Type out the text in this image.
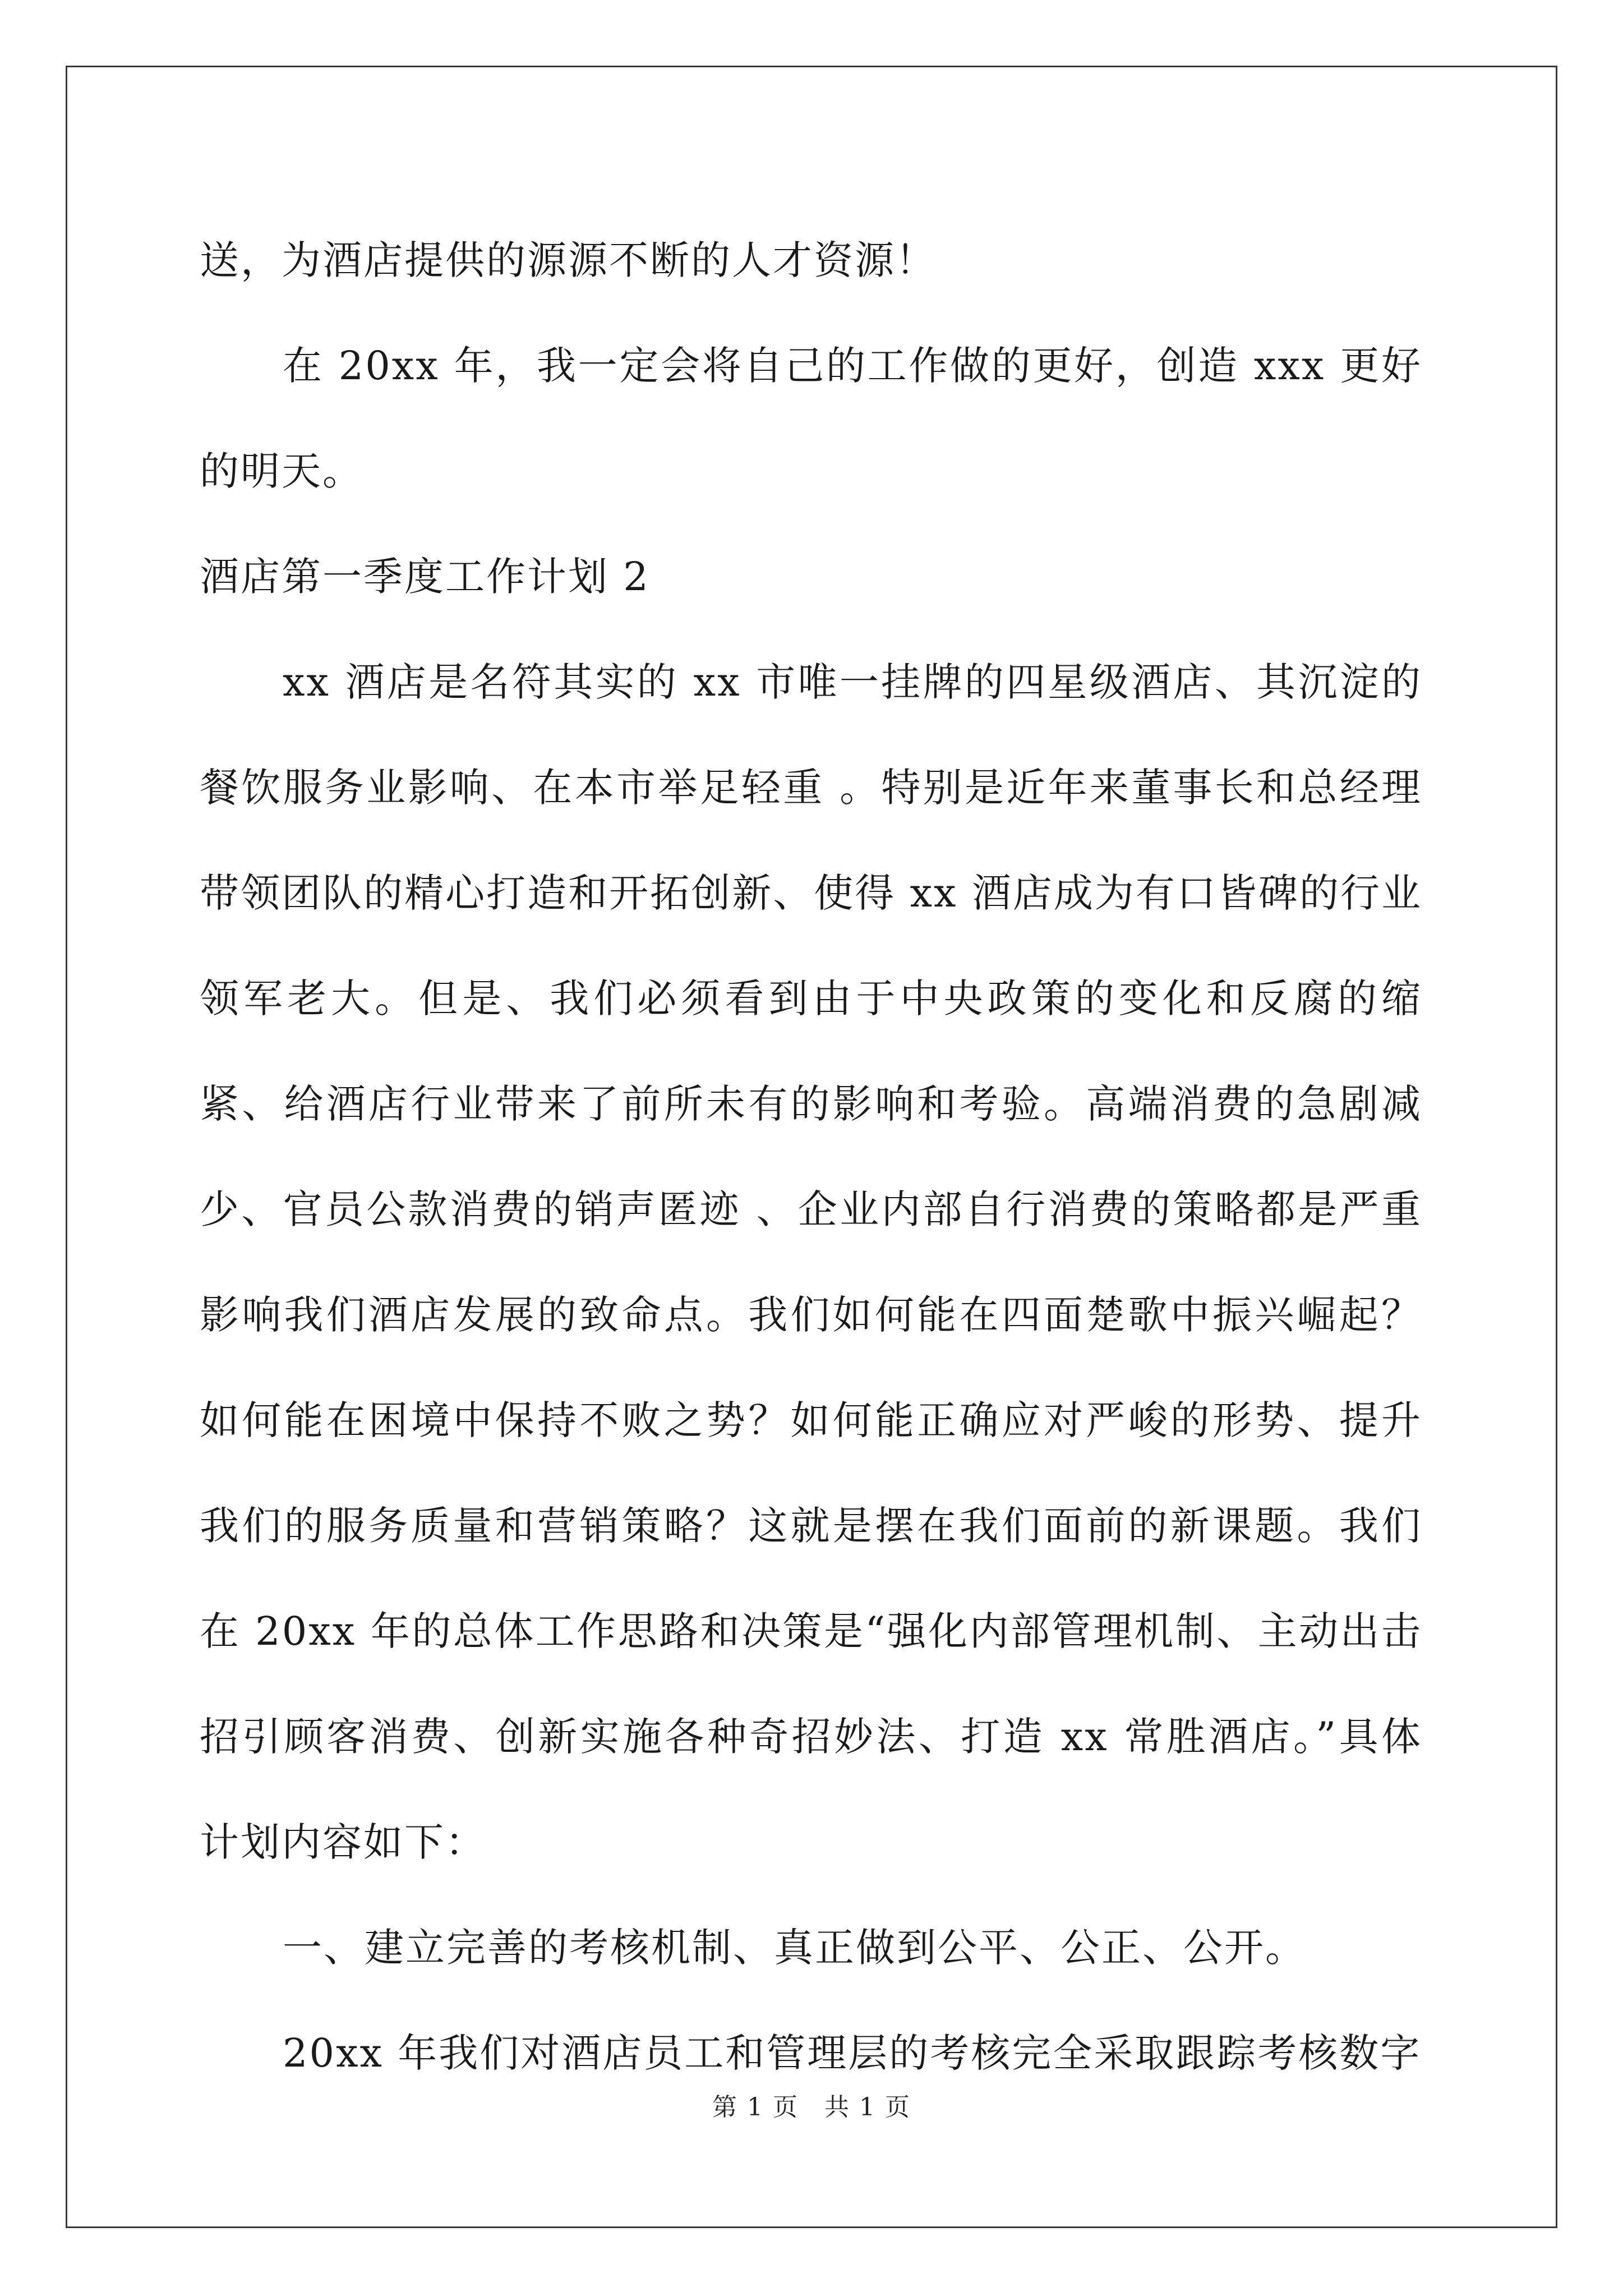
送，为酒店提供的源源不断的人才资源！

在 20xx 年，我一定会将自己的工作做的更好，创造 xxx 更好的明天。

酒店第一季度工作计划 2

xx 酒店是名符其实的 xx 市唯一挂牌的四星级酒店、其沉淀的餐饮服务业影响、在本市举足轻重 。特别是近年来董事长和总经理带领团队的精心打造和开拓创新、使得 xx 酒店成为有口皆碑的行业领军老大。但是、我们必须看到由于中央政策的变化和反腐的缩紧、给酒店行业带来了前所未有的影响和考验。高端消费的急剧减少、官员公款消费的销声匿迹 、企业内部自行消费的策略都是严重影响我们酒店发展的致命点。我们如何能在四面楚歌中振兴崛起？如何能在困境中保持不败之势？如何能正确应对严峻的形势、提升我们的服务质量和营销策略？这就是摆在我们面前的新课题。我们在 20xx 年的总体工作思路和决策是“强化内部管理机制、主动出击招引顾客消费、创新实施各种奇招妙法、打造 xx 常胜酒店。”具体计划内容如下：

一、建立完善的考核机制、真正做到公平、公正、公开。

20xx 年我们对酒店员工和管理层的考核完全采取跟踪考核数字

第 1 页　共 1 页
